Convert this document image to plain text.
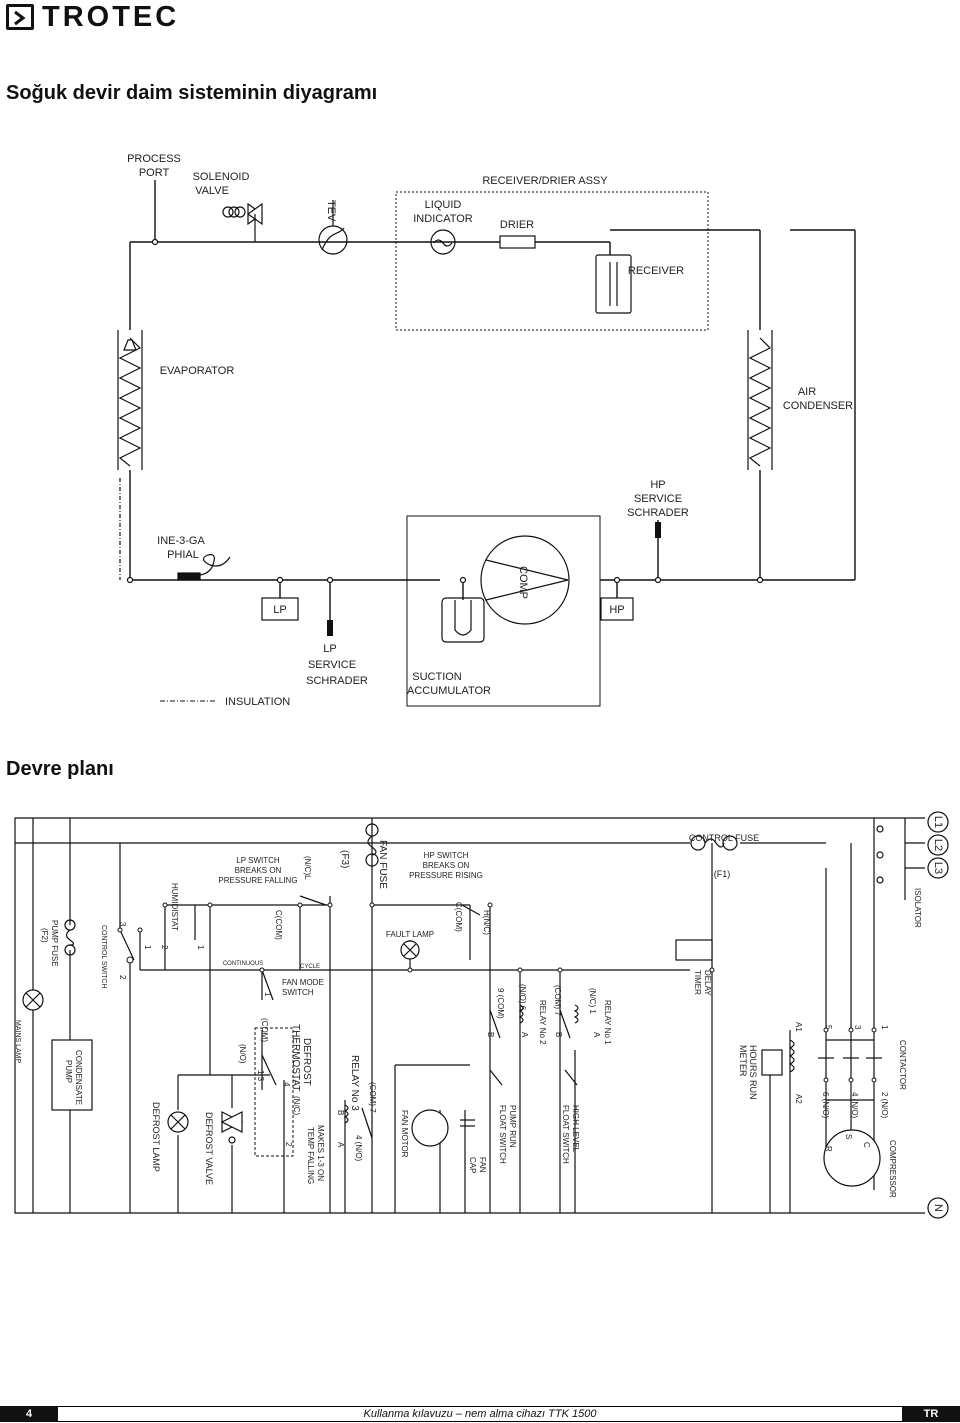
TROTEC
Soğuk devir daim sisteminin diyagramı
Devre planı
PROCESS
PORT SOLENOID
VALVE
TEV	LIQUID
INDICATOR
RECEIVER/DRIER ASSY
DRIER
RECEIVER
EVAPORATOR
AIR
CONDENSER
HP
SERVICE
SCHRADER
INE-3-GA
PHIAL
COMP
LP	HP
LP
SERVICE
SCHRADER	SUCTION
ACCUMULATOR
INSULATION
L1
L2
L3
N
CONTROL FUSE
(F1)
ISOLATOR
HP SWITCH
BREAKS ON
PRESSURE RISING
LP SWITCH
BREAKS ON
PRESSURE FALLING	FAN FUSE
(F3)
(N/C)L
HUMIDISTAT	C(COM)	C(COM) H(N/C)
FAULT LAMP
CONTINUOUS	CYCLE
FAN MODE
SWITCH
PUMP FUSE
(F2)	CONTROL SWITCH
MAINS LAMP
CONDENSATE
PUMP
DEFROST LAMP	DEFROST VALVE
DEFROST
THERMOSTAT
MAKES 1-3 ON
TEMP FALLING
RELAY No 3
RELAY No 2	RELAY No 1
FAN MOTOR
FAN
CAP
PUMP RUN
FLOAT SWITCH	HIGH LEVEL
FLOAT SWITCH
DELAY
TIMER
HOURS RUN
METER	CONTACTOR
COMPRESSOR
(COM) 7
4 (N/O)
(N/O) 6
9 (COM)	(N/C) 1
(COM)
(N/O)
(N/C)
A1
A2 6 (N/O)	4 (N/O)	2 (N/O)
R
S
C
1
3
5
3
1
2
2	1
1
1 3
4
2
B
A
B	A	B	A
(COM) 7
Kullanma kılavuzu – nem alma cihazı TTK 1500
4	TR
